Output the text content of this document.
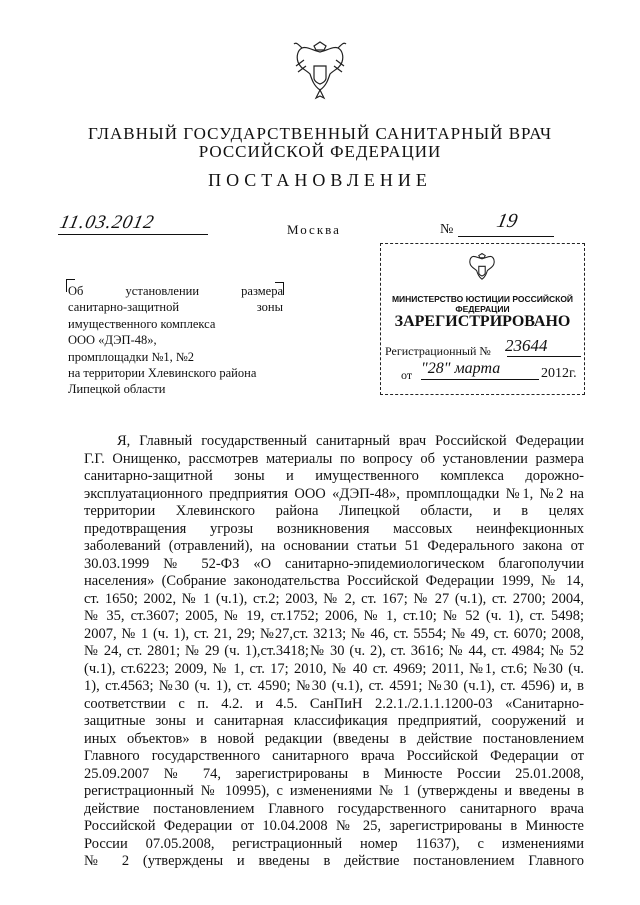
ГЛАВНЫЙ ГОСУДАРСТВЕННЫЙ САНИТАРНЫЙ ВРАЧ
РОССИЙСКОЙ ФЕДЕРАЦИИ
ПОСТАНОВЛЕНИЕ
11.03.2012	Москва	№ 19
МИНИСТЕРСТВО ЮСТИЦИИ РОССИЙСКОЙ ФЕДЕРАЦИИ
ЗАРЕГИСТРИРОВАНО
Регистрационный № 23644
от "28" марта	2012г.
Об установлении размера
санитарно-защитной зоны
имущественного комплекса
ООО «ДЭП-48»,
промплощадки №1, №2
на территории Хлевинского района
Липецкой области
Я, Главный государственный санитарный врач Российской Федерации
Г.Г. Онищенко, рассмотрев материалы по вопросу об установлении размера
санитарно-защитной зоны и имущественного комплекса дорожно-
эксплуатационного предприятия ООО «ДЭП-48», промплощадки №1, №2 на
территории Хлевинского района Липецкой области, и в целях
предотвращения угрозы возникновения массовых неинфекционных
заболеваний (отравлений), на основании статьи 51 Федерального закона от
30.03.1999 № 52-ФЗ «О санитарно-эпидемиологическом благополучии
населения» (Собрание законодательства Российской Федерации 1999, № 14,
ст. 1650; 2002, № 1 (ч.1), ст.2; 2003, № 2, ст. 167; № 27 (ч.1), ст. 2700; 2004,
№ 35, ст.3607; 2005, № 19, ст.1752; 2006, № 1, ст.10; № 52 (ч. 1), ст. 5498;
2007, № 1 (ч. 1), ст. 21, 29; №27,ст. 3213; № 46, ст. 5554; № 49, ст. 6070; 2008,
№ 24, ст. 2801; № 29 (ч. 1),ст.3418;№ 30 (ч. 2), ст. 3616; № 44, ст. 4984; № 52
(ч.1), ст.6223; 2009, № 1, ст. 17; 2010, № 40 ст. 4969; 2011, №1, ст.6; №30 (ч.
1), ст.4563; №30 (ч. 1), ст. 4590; №30 (ч.1), ст. 4591; №30 (ч.1), ст. 4596) и, в
соответствии с п. 4.2. и 4.5. СанПиН 2.2.1./2.1.1.1200-03 «Санитарно-
защитные зоны и санитарная классификация предприятий, сооружений и
иных объектов» в новой редакции (введены в действие постановлением
Главного государственного санитарного врача Российской Федерации от
25.09.2007 № 74, зарегистрированы в Минюсте России 25.01.2008,
регистрационный № 10995), с изменениями № 1 (утверждены и введены в
действие постановлением Главного государственного санитарного врача
Российской Федерации от 10.04.2008 № 25, зарегистрированы в Минюсте
России 07.05.2008, регистрационный номер 11637), с изменениями
№ 2 (утверждены и введены в действие постановлением Главного
